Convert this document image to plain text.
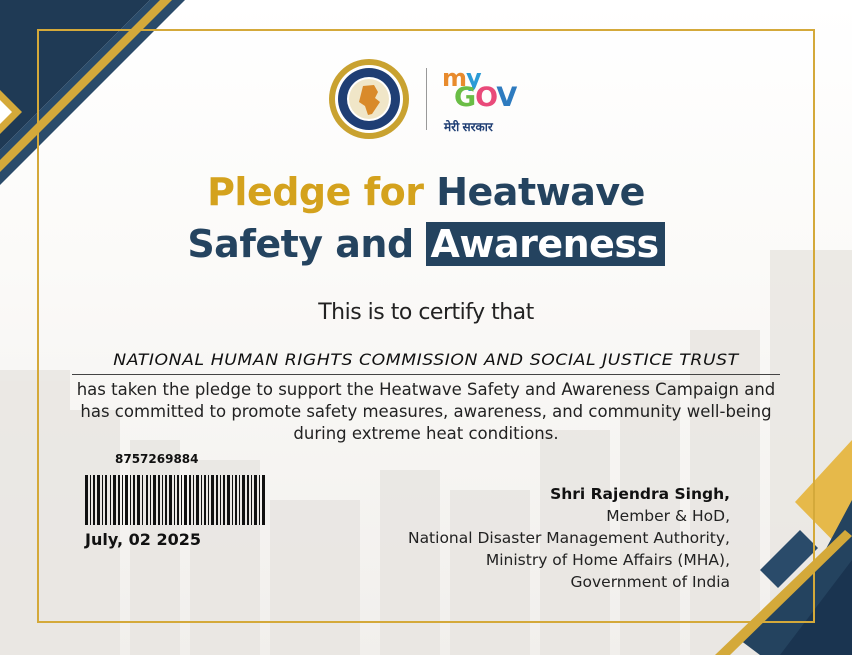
my
GOV
मेरी सरकार
Pledge for Heatwave
Safety and Awareness
This is to certify that
NATIONAL HUMAN RIGHTS COMMISSION AND SOCIAL JUSTICE TRUST
has taken the pledge to support the Heatwave Safety and Awareness Campaign and has committed to promote safety measures, awareness, and community well-being during extreme heat conditions.
8757269884
July, 02 2025
Shri Rajendra Singh,
Member & HoD,
National Disaster Management Authority,
Ministry of Home Affairs (MHA),
Government of India
